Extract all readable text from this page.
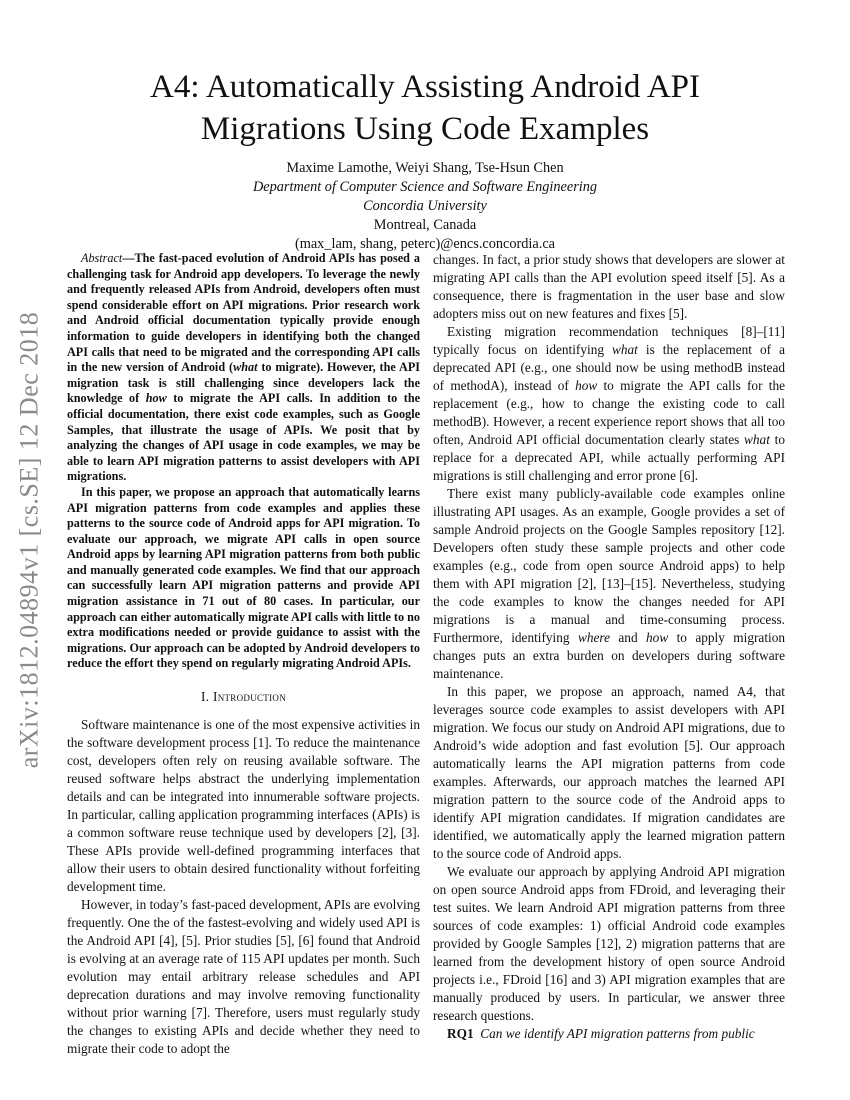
arXiv:1812.04894v1 [cs.SE] 12 Dec 2018
A4: Automatically Assisting Android API
Migrations Using Code Examples
Maxime Lamothe, Weiyi Shang, Tse-Hsun Chen
Department of Computer Science and Software Engineering
Concordia University
Montreal, Canada
(max_lam, shang, peterc)@encs.concordia.ca

Abstract—The fast-paced evolution of Android APIs has posed a challenging task for Android app developers. To leverage the newly and frequently released APIs from Android, developers often must spend considerable effort on API migrations. Prior research work and Android official documentation typically provide enough information to guide developers in identifying both the changed API calls that need to be migrated and the corresponding API calls in the new version of Android (what to migrate). However, the API migration task is still challenging since developers lack the knowledge of how to migrate the API calls. In addition to the official documentation, there exist code examples, such as Google Samples, that illustrate the usage of APIs. We posit that by analyzing the changes of API usage in code examples, we may be able to learn API migration patterns to assist developers with API migrations.

In this paper, we propose an approach that automatically learns API migration patterns from code examples and applies these patterns to the source code of Android apps for API migration. To evaluate our approach, we migrate API calls in open source Android apps by learning API migration patterns from both public and manually generated code examples. We find that our approach can successfully learn API migration patterns and provide API migration assistance in 71 out of 80 cases. In particular, our approach can either automatically migrate API calls with little to no extra modifications needed or provide guidance to assist with the migrations. Our approach can be adopted by Android developers to reduce the effort they spend on regularly migrating Android APIs.

I. Introduction

Software maintenance is one of the most expensive activities in the software development process [1]. To reduce the maintenance cost, developers often rely on reusing available software. The reused software helps abstract the underlying implementation details and can be integrated into innumerable software projects. In particular, calling application programming interfaces (APIs) is a common software reuse technique used by developers [2], [3]. These APIs provide well-defined programming interfaces that allow their users to obtain desired functionality without forfeiting development time.

However, in today’s fast-paced development, APIs are evolving frequently. One the of the fastest-evolving and widely used API is the Android API [4], [5]. Prior studies [5], [6] found that Android is evolving at an average rate of 115 API updates per month. Such evolution may entail arbitrary release schedules and API deprecation durations and may involve removing functionality without prior warning [7]. Therefore, users must regularly study the changes to existing APIs and decide whether they need to migrate their code to adopt the

changes. In fact, a prior study shows that developers are slower at migrating API calls than the API evolution speed itself [5]. As a consequence, there is fragmentation in the user base and slow adopters miss out on new features and fixes [5].

Existing migration recommendation techniques [8]–[11] typically focus on identifying what is the replacement of a deprecated API (e.g., one should now be using methodB instead of methodA), instead of how to migrate the API calls for the replacement (e.g., how to change the existing code to call methodB). However, a recent experience report shows that all too often, Android API official documentation clearly states what to replace for a deprecated API, while actually performing API migrations is still challenging and error prone [6].

There exist many publicly-available code examples online illustrating API usages. As an example, Google provides a set of sample Android projects on the Google Samples repository [12]. Developers often study these sample projects and other code examples (e.g., code from open source Android apps) to help them with API migration [2], [13]–[15]. Nevertheless, studying the code examples to know the changes needed for API migrations is a manual and time-consuming process. Furthermore, identifying where and how to apply migration changes puts an extra burden on developers during software maintenance.

In this paper, we propose an approach, named A4, that leverages source code examples to assist developers with API migration. We focus our study on Android API migrations, due to Android’s wide adoption and fast evolution [5]. Our approach automatically learns the API migration patterns from code examples. Afterwards, our approach matches the learned API migration pattern to the source code of the Android apps to identify API migration candidates. If migration candidates are identified, we automatically apply the learned migration pattern to the source code of Android apps.

We evaluate our approach by applying Android API migration on open source Android apps from FDroid, and leveraging their test suites. We learn Android API migration patterns from three sources of code examples: 1) official Android code examples provided by Google Samples [12], 2) migration patterns that are learned from the development history of open source Android projects i.e., FDroid [16] and 3) API migration examples that are manually produced by users. In particular, we answer three research questions.

RQ1 Can we identify API migration patterns from public
